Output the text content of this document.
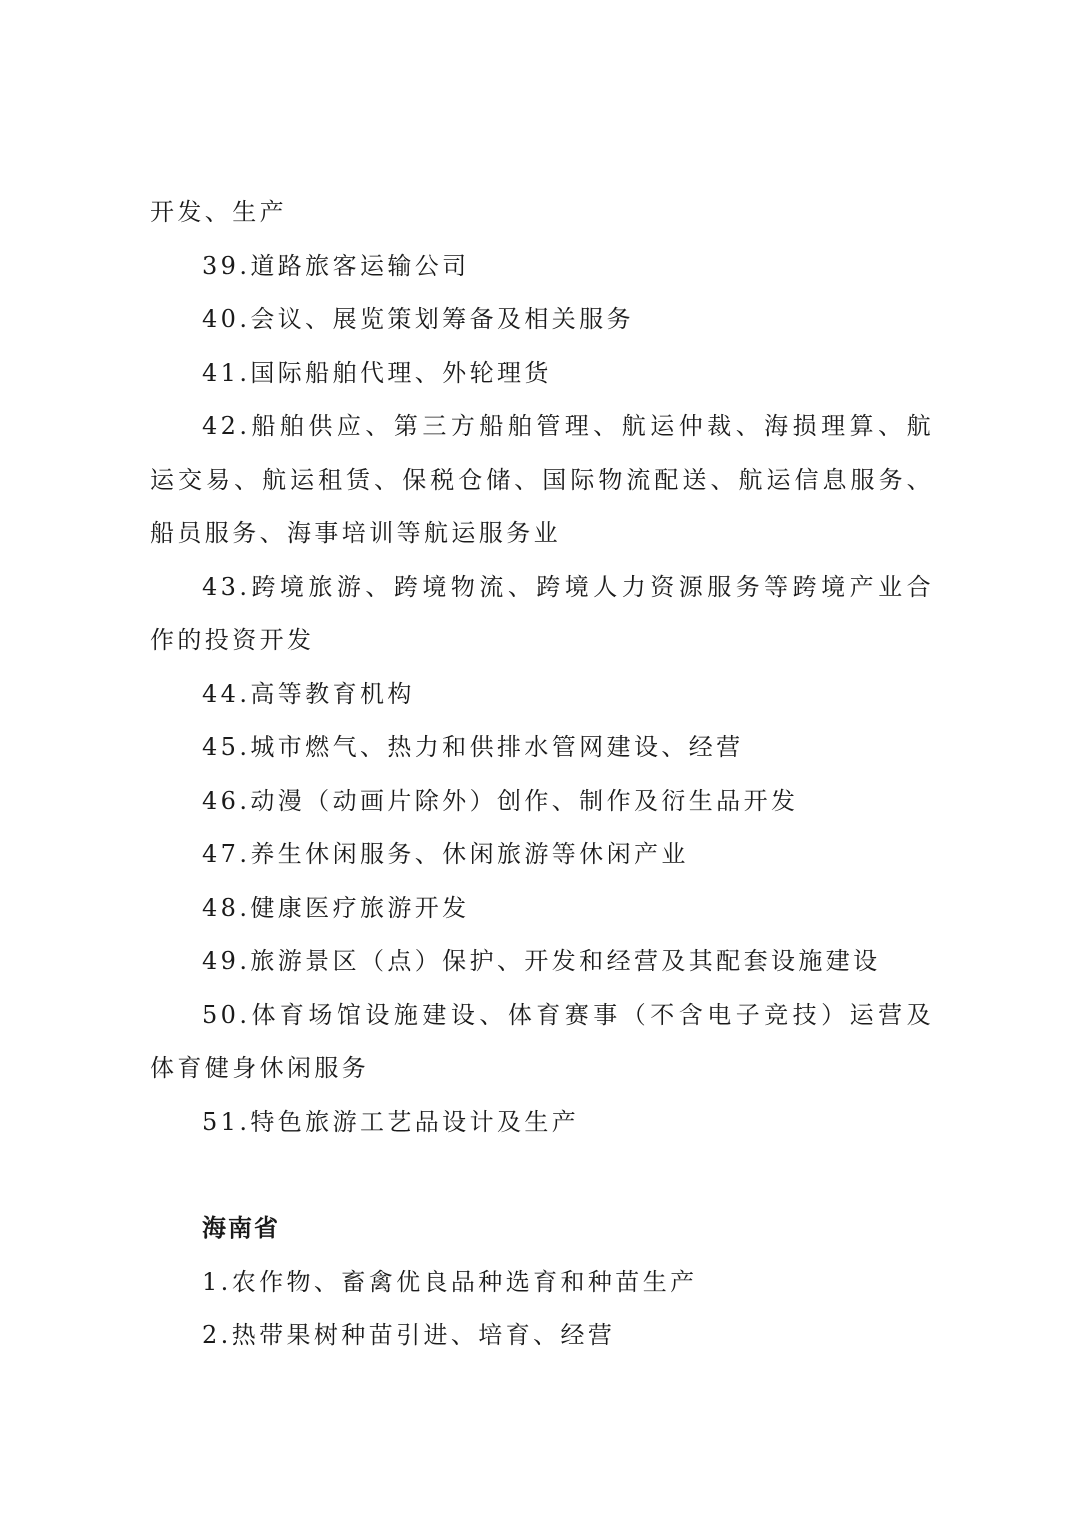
开发、生产

39.道路旅客运输公司

40.会议、展览策划筹备及相关服务

41.国际船舶代理、外轮理货

42.船舶供应、第三方船舶管理、航运仲裁、海损理算、航运交易、航运租赁、保税仓储、国际物流配送、航运信息服务、船员服务、海事培训等航运服务业

43.跨境旅游、跨境物流、跨境人力资源服务等跨境产业合作的投资开发

44.高等教育机构

45.城市燃气、热力和供排水管网建设、经营

46.动漫（动画片除外）创作、制作及衍生品开发

47.养生休闲服务、休闲旅游等休闲产业

48.健康医疗旅游开发

49.旅游景区（点）保护、开发和经营及其配套设施建设

50.体育场馆设施建设、体育赛事（不含电子竞技）运营及体育健身休闲服务

51.特色旅游工艺品设计及生产

海南省

1.农作物、畜禽优良品种选育和种苗生产

2.热带果树种苗引进、培育、经营
